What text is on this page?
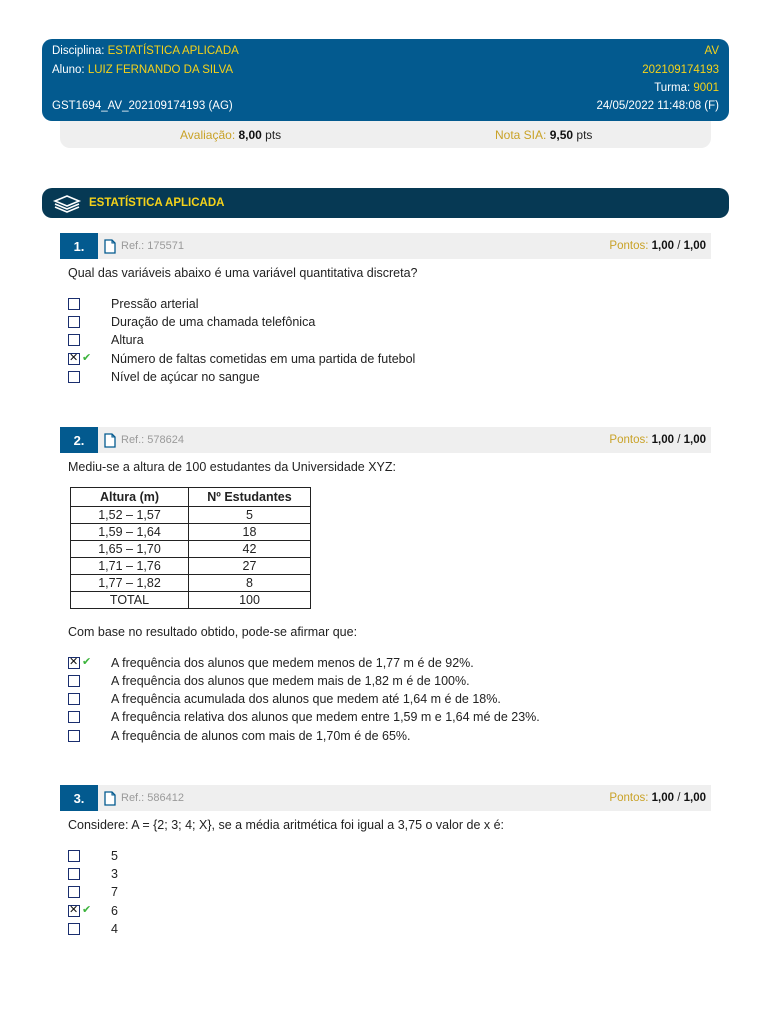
Disciplina: ESTATÍSTICA APLICADA	AV
Aluno: LUIZ FERNANDO DA SILVA	202109174193
Turma: 9001
GST1694_AV_202109174193 (AG)	24/05/2022 11:48:08 (F)
Avaliação: 8,00 pts	Nota SIA: 9,50 pts
ESTATÍSTICA APLICADA
1.	Ref.: 175571	Pontos: 1,00 / 1,00
Qual das variáveis abaixo é uma variável quantitativa discreta?
Pressão arterial
Duração de uma chamada telefônica
Altura
✕
✔ Número de faltas cometidas em uma partida de futebol
Nível de açúcar no sangue
2.	Ref.: 578624	Pontos: 1,00 / 1,00
Mediu-se a altura de 100 estudantes da Universidade XYZ:
Altura (m)	Nº Estudantes
1,52 – 1,57	5
1,59 – 1,64	18
1,65 – 1,70	42
1,71 – 1,76	27
1,77 – 1,82	8
TOTAL	100
Com base no resultado obtido, pode-se afirmar que:
✕
✔ A frequência dos alunos que medem menos de 1,77 m é de 92%.
A frequência dos alunos que medem mais de 1,82 m é de 100%.
A frequência acumulada dos alunos que medem até 1,64 m é de 18%.
A frequência relativa dos alunos que medem entre 1,59 m e 1,64 mé de 23%.
A frequência de alunos com mais de 1,70m é de 65%.
3.	Ref.: 586412	Pontos: 1,00 / 1,00
Considere: A = {2; 3; 4; X}, se a média aritmética foi igual a 3,75 o valor de x é:
5
3
7
✕
✔ 6
4
